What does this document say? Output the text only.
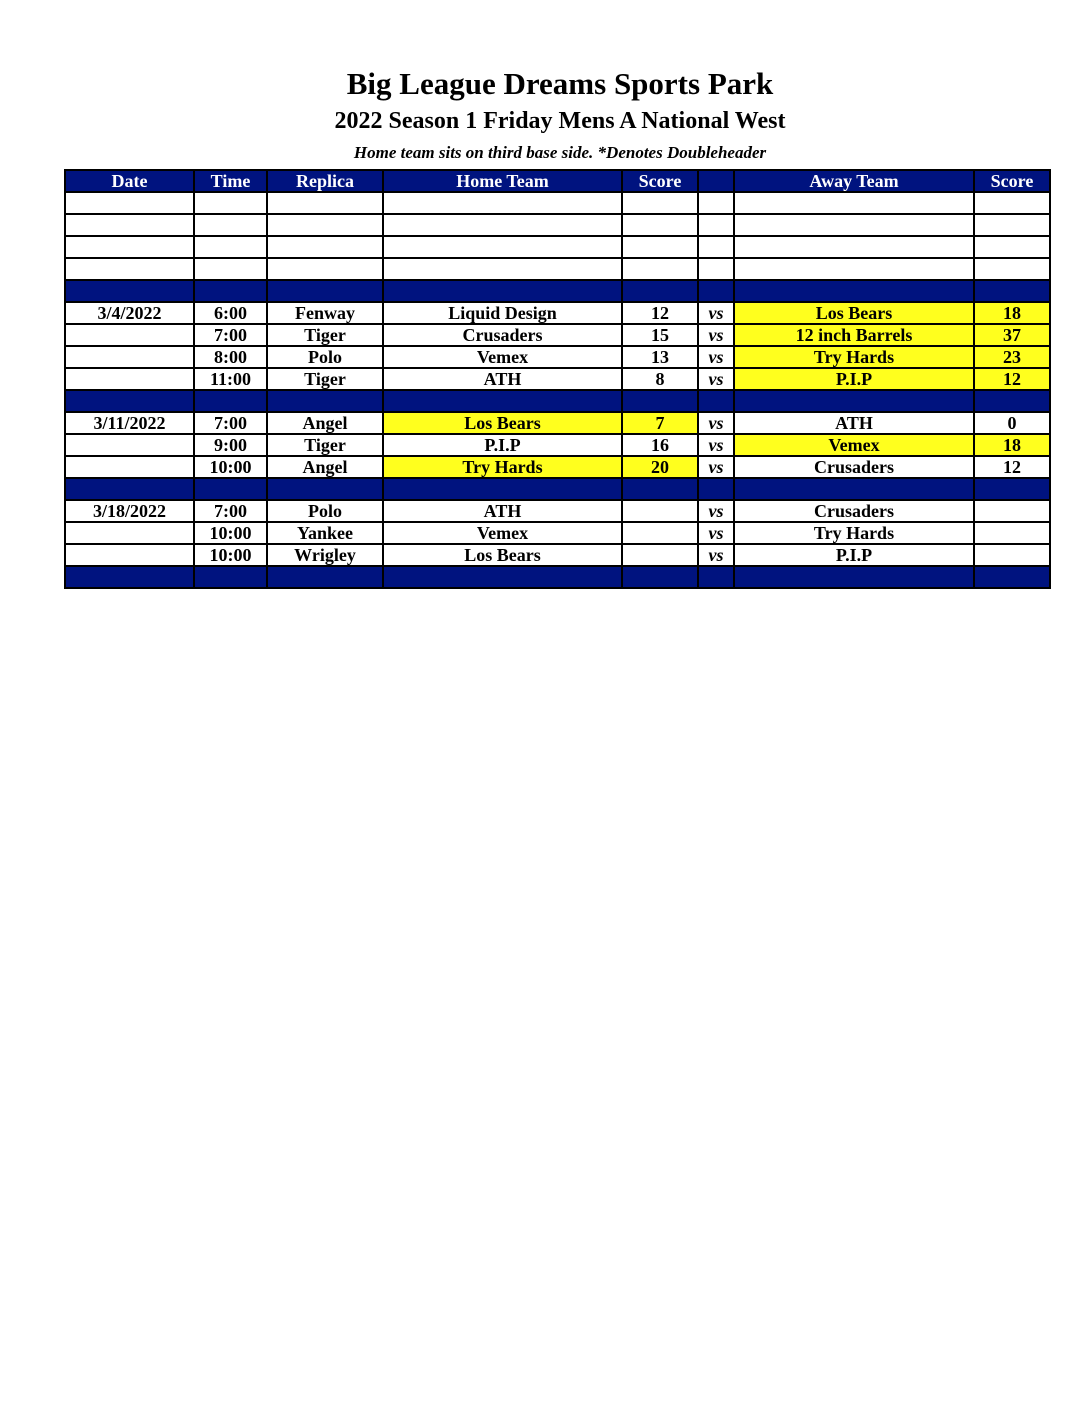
Big League Dreams Sports Park
2022 Season 1 Friday Mens A National West
Home team sits on third base side. *Denotes Doubleheader
Date	Time	Replica	Home Team	Score		Away Team	Score

3/4/2022	6:00	Fenway	Liquid Design	12	vs	Los Bears	18
	7:00	Tiger	Crusaders	15	vs	12 inch Barrels	37
	8:00	Polo	Vemex	13	vs	Try Hards	23
	11:00	Tiger	ATH	8	vs	P.I.P	12

3/11/2022	7:00	Angel	Los Bears	7	vs	ATH	0
	9:00	Tiger	P.I.P	16	vs	Vemex	18
	10:00	Angel	Try Hards	20	vs	Crusaders	12

3/18/2022	7:00	Polo	ATH		vs	Crusaders	
	10:00	Yankee	Vemex		vs	Try Hards	
	10:00	Wrigley	Los Bears		vs	P.I.P	
